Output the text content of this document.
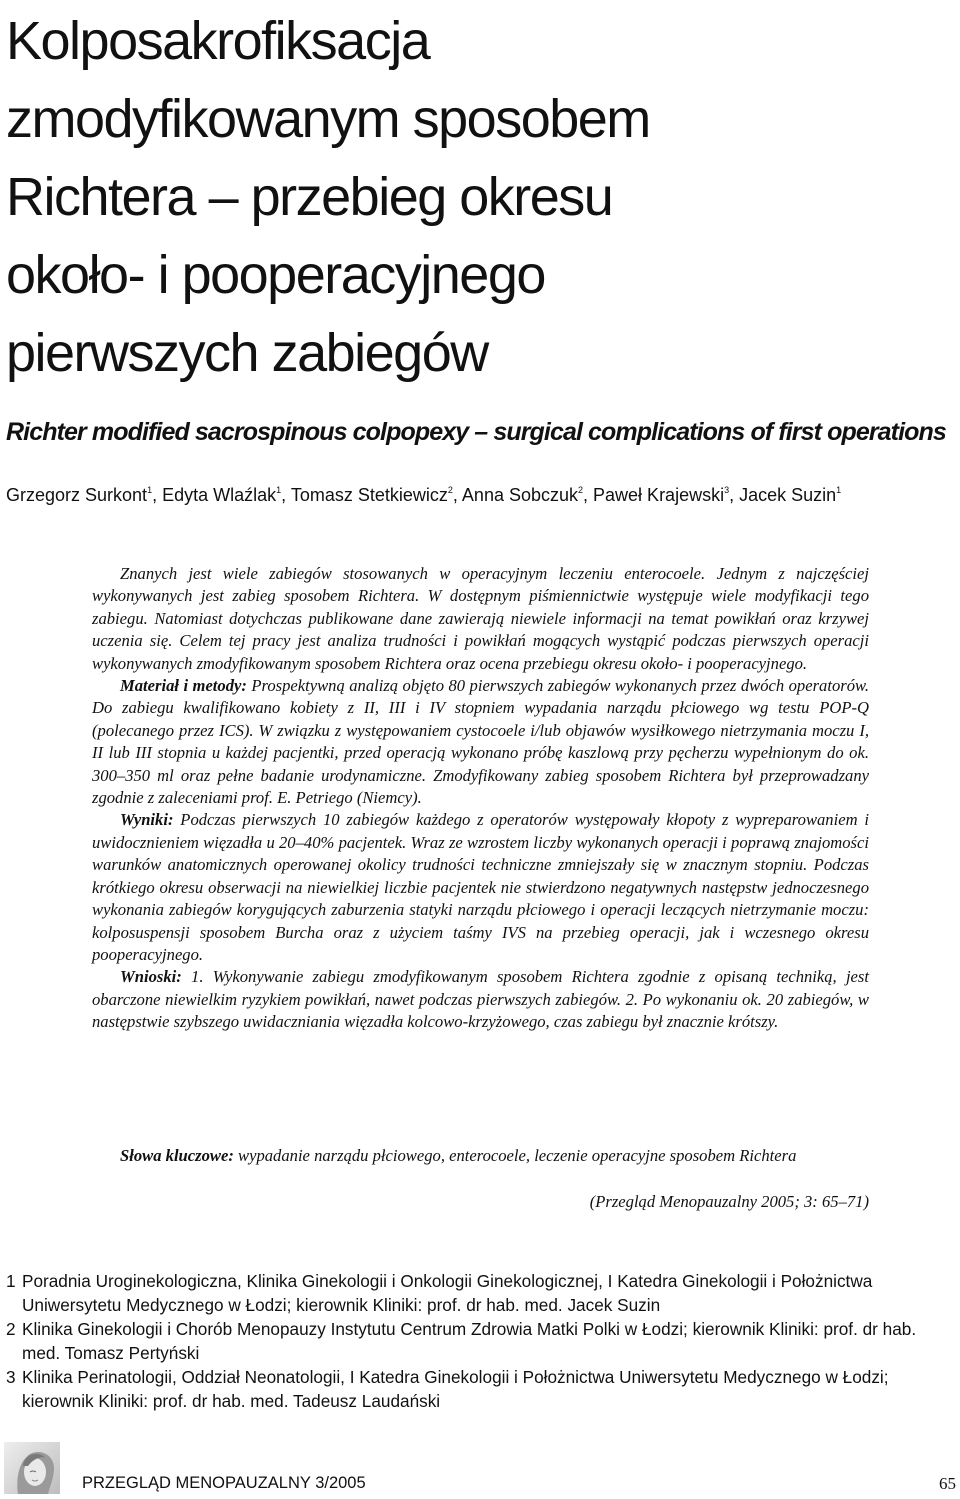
Kolposakrofiksacja
zmodyfikowanym sposobem
Richtera – przebieg okresu
około- i pooperacyjnego
pierwszych zabiegów
Richter modified sacrospinous colpopexy – surgical complications of first operations
Grzegorz Surkont$^1$, Edyta Wlaźlak$^1$, Tomasz Stetkiewicz$^2$, Anna Sobczuk$^2$, Paweł Krajewski$^3$, Jacek Suzin$^1$

Znanych jest wiele zabiegów stosowanych w operacyjnym leczeniu enterocoele. Jednym z najczęściej wykonywanych jest zabieg sposobem Richtera. W dostępnym piśmiennictwie występuje wiele modyfikacji tego zabiegu. Natomiast dotychczas publikowane dane zawierają niewiele informacji na temat powikłań oraz krzywej uczenia się. Celem tej pracy jest analiza trudności i powikłań mogących wystąpić podczas pierwszych operacji wykonywanych zmodyfikowanym sposobem Richtera oraz ocena przebiegu okresu około- i pooperacyjnego.

Materiał i metody: Prospektywną analizą objęto 80 pierwszych zabiegów wykonanych przez dwóch operatorów. Do zabiegu kwalifikowano kobiety z II, III i IV stopniem wypadania narządu płciowego wg testu POP-Q (polecanego przez ICS). W związku z występowaniem cystocoele i/lub objawów wysiłkowego nietrzymania moczu I, II lub III stopnia u każdej pacjentki, przed operacją wykonano próbę kaszlową przy pęcherzu wypełnionym do ok. 300–350 ml oraz pełne badanie urodynamiczne. Zmodyfikowany zabieg sposobem Richtera był przeprowadzany zgodnie z zaleceniami prof. E. Petriego (Niemcy).

Wyniki: Podczas pierwszych 10 zabiegów każdego z operatorów występowały kłopoty z wypreparowaniem i uwidocznieniem więzadła u 20–40% pacjentek. Wraz ze wzrostem liczby wykonanych operacji i poprawą znajomości warunków anatomicznych operowanej okolicy trudności techniczne zmniejszały się w znacznym stopniu. Podczas krótkiego okresu obserwacji na niewielkiej liczbie pacjentek nie stwierdzono negatywnych następstw jednoczesnego wykonania zabiegów korygujących zaburzenia statyki narządu płciowego i operacji leczących nietrzymanie moczu: kolposuspensji sposobem Burcha oraz z użyciem taśmy IVS na przebieg operacji, jak i wczesnego okresu pooperacyjnego.

Wnioski: 1. Wykonywanie zabiegu zmodyfikowanym sposobem Richtera zgodnie z opisaną techniką, jest obarczone niewielkim ryzykiem powikłań, nawet podczas pierwszych zabiegów. 2. Po wykonaniu ok. 20 zabiegów, w następstwie szybszego uwidaczniania więzadła kolcowo-krzyżowego, czas zabiegu był znacznie krótszy.

Słowa kluczowe: wypadanie narządu płciowego, enterocoele, leczenie operacyjne sposobem Richtera
(Przegląd Menopauzalny 2005; 3: 65–71)
1 Poradnia Uroginekologiczna, Klinika Ginekologii i Onkologii Ginekologicznej, I Katedra Ginekologii i Położnictwa Uniwersytetu Medycznego w Łodzi; kierownik Kliniki: prof. dr hab. med. Jacek Suzin
2 Klinika Ginekologii i Chorób Menopauzy Instytutu Centrum Zdrowia Matki Polki w Łodzi; kierownik Kliniki: prof. dr hab. med. Tomasz Pertyński
3 Klinika Perinatologii, Oddział Neonatologii, I Katedra Ginekologii i Położnictwa Uniwersytetu Medycznego w Łodzi; kierownik Kliniki: prof. dr hab. med. Tadeusz Laudański
PRZEGLĄD MENOPAUZALNY 3/2005	65
